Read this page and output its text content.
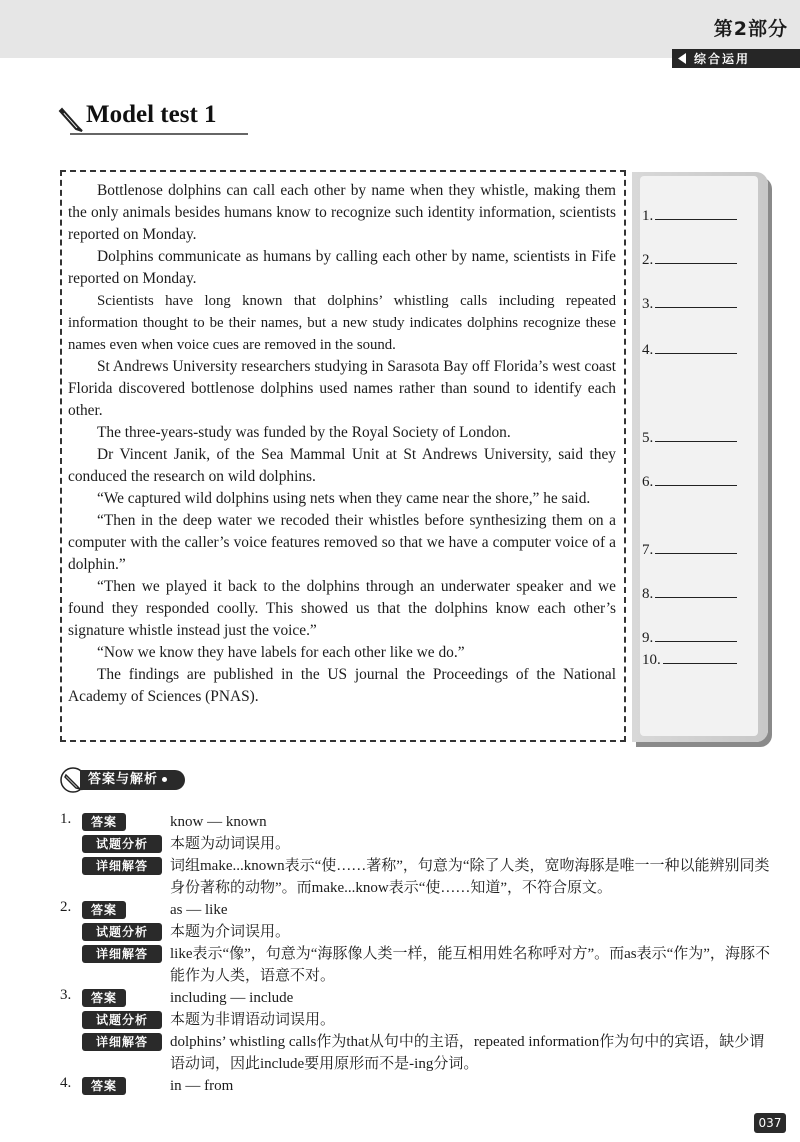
第2部分
综合运用
Model test 1

Bottlenose dolphins can call each other by name when they whistle, making them the only animals besides humans know to recognize such identity information, scientists reported on Monday.

Dolphins communicate as humans by calling each other by name, scientists in Fife reported on Monday.

Scientists have long known that dolphins’ whistling calls including repeated information thought to be their names, but a new study indicates dolphins recognize these names even when voice cues are removed in the sound.

St Andrews University researchers studying in Sarasota Bay off Florida’s west coast Florida discovered bottlenose dolphins used names rather than sound to identify each other.

The three-years-study was funded by the Royal Society of London.

Dr Vincent Janik, of the Sea Mammal Unit at St Andrews University, said they conduced the research on wild dolphins.

“We captured wild dolphins using nets when they came near the shore,” he said.

“Then in the deep water we recoded their whistles before synthesizing them on a computer with the caller’s voice features removed so that we have a computer voice of a dolphin.”

“Then we played it back to the dolphins through an underwater speaker and we found they responded coolly. This showed us that the dolphins know each other’s signature whistle instead just the voice.”

“Now we know they have labels for each other like we do.”

The findings are published in the US journal the Proceedings of the National Academy of Sciences (PNAS).

1.
2.
3.
4.
5.
6.
7.
8.
9.
10.
答案与解析
1.	答案	know — known
试题分析	本题为动词误用。
详细解答	词组make...known表示“使……著称”，句意为“除了人类，宽吻海豚是唯一一种以能辨别同类身份著称的动物”。而make...know表示“使……知道”，不符合原文。
2.	答案	as — like
试题分析	本题为介词误用。
详细解答	like表示“像”，句意为“海豚像人类一样，能互相用姓名称呼对方”。而as表示“作为”，海豚不能作为人类，语意不对。
3.	答案	including — include
试题分析	本题为非谓语动词误用。
详细解答	dolphins’ whistling calls作为that从句中的主语，repeated information作为句中的宾语，缺少谓语动词，因此include要用原形而不是-ing分词。
4.	答案	in — from
037
